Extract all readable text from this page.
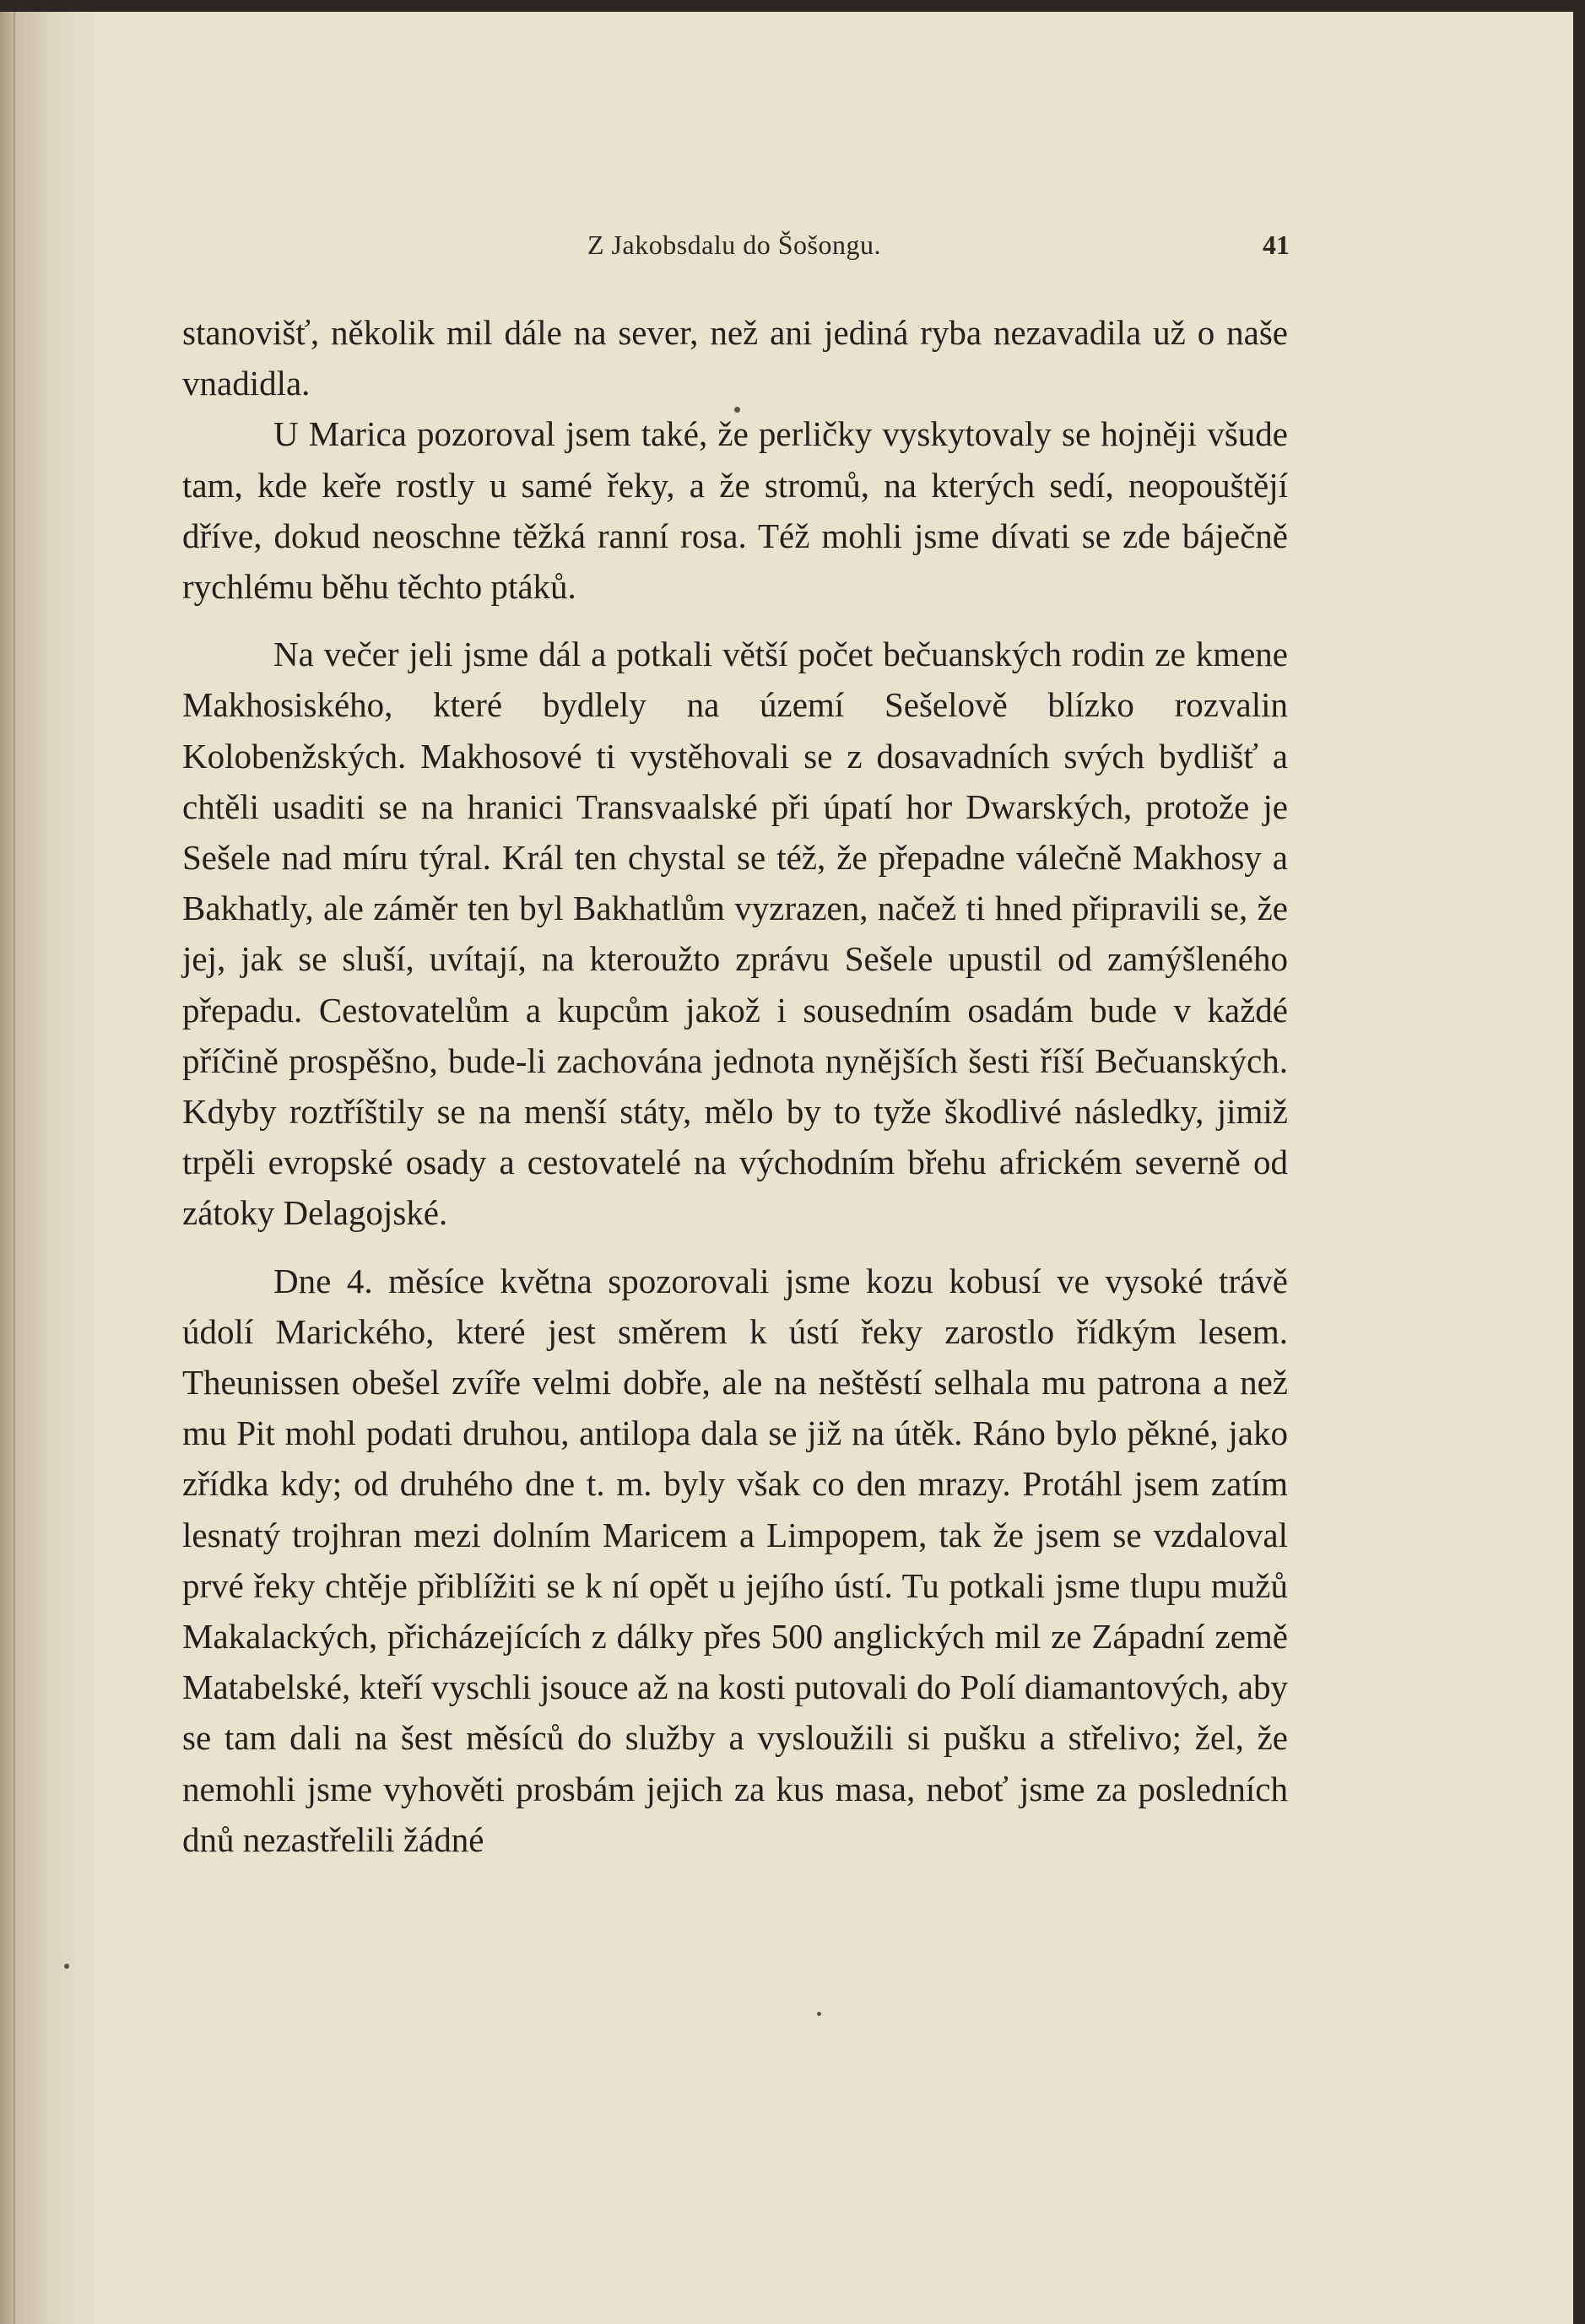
Z Jakobsdalu do Šošongu.	41

stanovišť, několik mil dále na sever, než ani jediná ryba nezavadila už o naše vnadidla.

U Marica pozoroval jsem také, že perličky vyskytovaly se hojněji všude tam, kde keře rostly u samé řeky, a že stromů, na kterých sedí, neopouštějí dříve, dokud neoschne těžká ranní rosa. Též mohli jsme dívati se zde báječně rychlému běhu těchto ptáků.

Na večer jeli jsme dál a potkali větší počet bečuanských rodin ze kmene Makhosiského, které bydlely na území Sešelově blízko rozvalin Kolobenžských. Makhosové ti vystěhovali se z dosavadních svých bydlišť a chtěli usaditi se na hranici Transvaalské při úpatí hor Dwarských, protože je Sešele nad míru týral. Král ten chystal se též, že přepadne válečně Makhosy a Bakhatly, ale záměr ten byl Bakhatlům vyzrazen, načež ti hned připravili se, že jej, jak se sluší, uvítají, na kteroužto zprávu Sešele upustil od zamýšleného přepadu. Cestovatelům a kupcům jakož i sousedním osadám bude v každé příčině prospěšno, bude-li zachována jednota nynějších šesti říší Bečuanských. Kdyby roztříštily se na menší státy, mělo by to tyže škodlivé následky, jimiž trpěli evropské osady a cestovatelé na východním břehu africkém severně od zátoky Delagojské.

Dne 4. měsíce května spozorovali jsme kozu kobusí ve vysoké trávě údolí Marického, které jest směrem k ústí řeky zarostlo řídkým lesem. Theunissen obešel zvíře velmi dobře, ale na neštěstí selhala mu patrona a než mu Pit mohl podati druhou, antilopa dala se již na útěk. Ráno bylo pěkné, jako zřídka kdy; od druhého dne t. m. byly však co den mrazy. Protáhl jsem zatím lesnatý trojhran mezi dolním Maricem a Limpopem, tak že jsem se vzdaloval prvé řeky chtěje přiblížiti se k ní opět u jejího ústí. Tu potkali jsme tlupu mužů Makalackých, přicházejících z dálky přes 500 anglických mil ze Západní země Matabelské, kteří vyschli jsouce až na kosti putovali do Polí diamantových, aby se tam dali na šest měsíců do služby a vysloužili si pušku a střelivo; žel, že nemohli jsme vyhověti prosbám jejich za kus masa, neboť jsme za posledních dnů nezastřelili žádné
